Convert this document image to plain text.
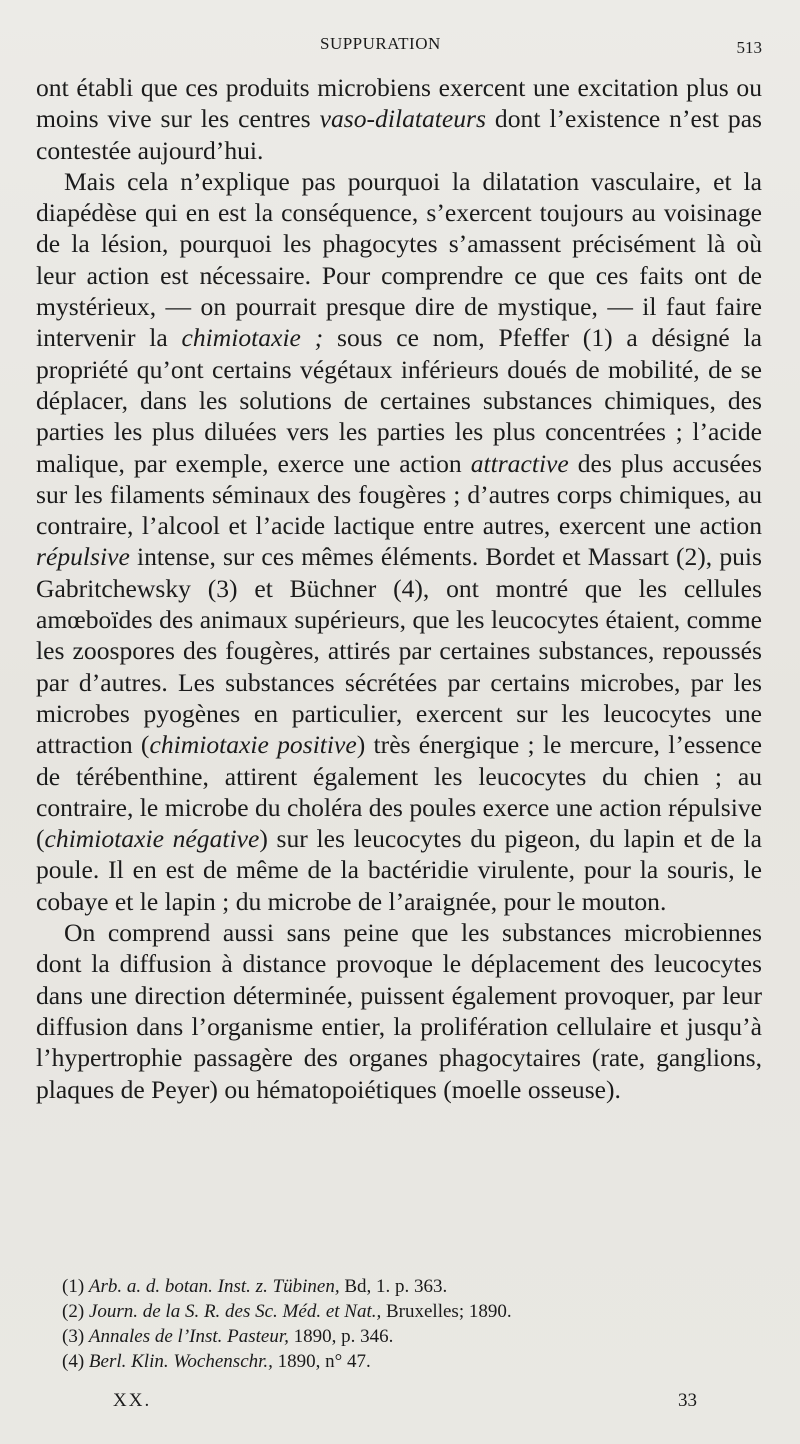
SUPPURATION	513

ont établi que ces produits microbiens exercent une excitation plus ou moins vive sur les centres vaso-dilatateurs dont l’existence n’est pas contestée aujourd’hui.

Mais cela n’explique pas pourquoi la dilatation vasculaire, et la diapédèse qui en est la conséquence, s’exercent toujours au voisinage de la lésion, pourquoi les phagocytes s’amassent précisément là où leur action est nécessaire. Pour comprendre ce que ces faits ont de mystérieux, — on pourrait presque dire de mystique, — il faut faire intervenir la chimiotaxie ; sous ce nom, Pfeffer (1) a désigné la propriété qu’ont certains végétaux inférieurs doués de mobilité, de se déplacer, dans les solutions de certaines substances chimiques, des parties les plus diluées vers les parties les plus concentrées ; l’acide malique, par exemple, exerce une action attractive des plus accusées sur les filaments séminaux des fougères ; d’autres corps chimiques, au contraire, l’alcool et l’acide lactique entre autres, exercent une action répulsive intense, sur ces mêmes éléments. Bordet et Massart (2), puis Gabritchewsky (3) et Büchner (4), ont montré que les cellules amœboïdes des animaux supérieurs, que les leucocytes étaient, comme les zoospores des fougères, attirés par certaines substances, repoussés par d’autres. Les substances sécrétées par certains microbes, par les microbes pyogènes en particulier, exercent sur les leucocytes une attraction (chimiotaxie positive) très énergique ; le mercure, l’essence de térébenthine, attirent également les leucocytes du chien ; au contraire, le microbe du choléra des poules exerce une action répulsive (chimiotaxie négative) sur les leucocytes du pigeon, du lapin et de la poule. Il en est de même de la bactéridie virulente, pour la souris, le cobaye et le lapin ; du microbe de l’araignée, pour le mouton.

On comprend aussi sans peine que les substances microbiennes dont la diffusion à distance provoque le déplacement des leucocytes dans une direction déterminée, puissent également provoquer, par leur diffusion dans l’organisme entier, la prolifération cellulaire et jusqu’à l’hypertrophie passagère des organes phagocytaires (rate, ganglions, plaques de Peyer) ou hématopoiétiques (moelle osseuse).

(1) Arb. a. d. botan. Inst. z. Tübinen, Bd, 1. p. 363.
(2) Journ. de la S. R. des Sc. Méd. et Nat., Bruxelles; 1890.
(3) Annales de l’Inst. Pasteur, 1890, p. 346.
(4) Berl. Klin. Wochenschr., 1890, n° 47.
XX.	33
